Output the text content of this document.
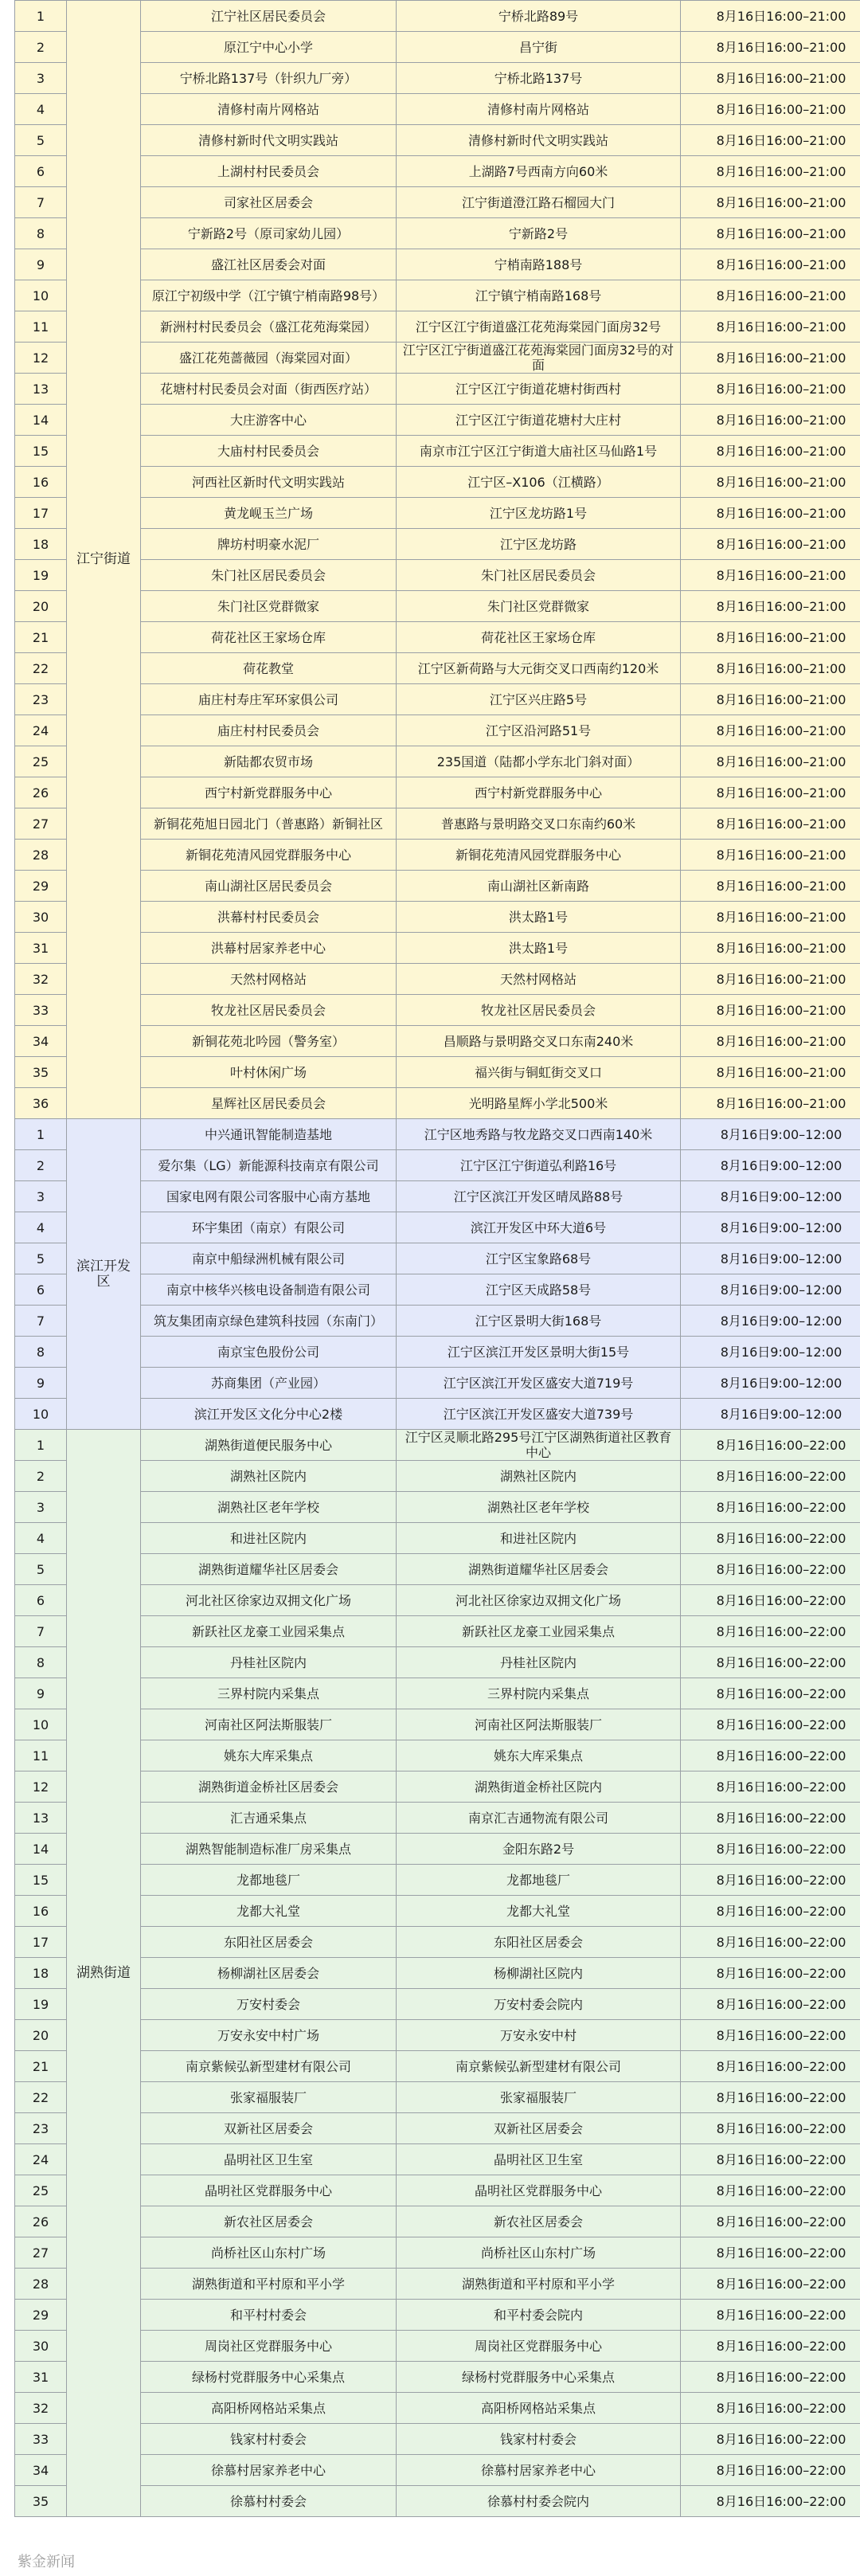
1	江宁街道	江宁社区居民委员会	宁桥北路89号	8月16日16:00–21:00
2		原江宁中心小学	昌宁街	8月16日16:00–21:00
3		宁桥北路137号（针织九厂旁）	宁桥北路137号	8月16日16:00–21:00
4		清修村南片网格站	清修村南片网格站	8月16日16:00–21:00
5		清修村新时代文明实践站	清修村新时代文明实践站	8月16日16:00–21:00
6		上湖村村民委员会	上湖路7号西南方向60米	8月16日16:00–21:00
7		司家社区居委会	江宁街道澄江路石榴园大门	8月16日16:00–21:00
8		宁新路2号（原司家幼儿园）	宁新路2号	8月16日16:00–21:00
9		盛江社区居委会对面	宁梢南路188号	8月16日16:00–21:00
10		原江宁初级中学（江宁镇宁梢南路98号）	江宁镇宁梢南路168号	8月16日16:00–21:00
11		新洲村村民委员会（盛江花苑海棠园）	江宁区江宁街道盛江花苑海棠园门面房32号	8月16日16:00–21:00
12		盛江花苑蔷薇园（海棠园对面）	江宁区江宁街道盛江花苑海棠园门面房32号的对面	8月16日16:00–21:00
13		花塘村村民委员会对面（街西医疗站）	江宁区江宁街道花塘村街西村	8月16日16:00–21:00
14		大庄游客中心	江宁区江宁街道花塘村大庄村	8月16日16:00–21:00
15		大庙村村民委员会	南京市江宁区江宁街道大庙社区马仙路1号	8月16日16:00–21:00
16		河西社区新时代文明实践站	江宁区–X106（江横路）	8月16日16:00–21:00
17		黄龙岘玉兰广场	江宁区龙坊路1号	8月16日16:00–21:00
18		牌坊村明豪水泥厂	江宁区龙坊路	8月16日16:00–21:00
19		朱门社区居民委员会	朱门社区居民委员会	8月16日16:00–21:00
20		朱门社区党群微家	朱门社区党群微家	8月16日16:00–21:00
21		荷花社区王家场仓库	荷花社区王家场仓库	8月16日16:00–21:00
22		荷花教堂	江宁区新荷路与大元街交叉口西南约120米	8月16日16:00–21:00
23		庙庄村寿庄军环家俱公司	江宁区兴庄路5号	8月16日16:00–21:00
24		庙庄村村民委员会	江宁区沿河路51号	8月16日16:00–21:00
25		新陆都农贸市场	235国道（陆都小学东北门斜对面）	8月16日16:00–21:00
26		西宁村新党群服务中心	西宁村新党群服务中心	8月16日16:00–21:00
27		新铜花苑旭日园北门（普惠路）新铜社区	普惠路与景明路交叉口东南约60米	8月16日16:00–21:00
28		新铜花苑清风园党群服务中心	新铜花苑清风园党群服务中心	8月16日16:00–21:00
29		南山湖社区居民委员会	南山湖社区新南路	8月16日16:00–21:00
30		洪幕村村民委员会	洪太路1号	8月16日16:00–21:00
31		洪幕村居家养老中心	洪太路1号	8月16日16:00–21:00
32		天然村网格站	天然村网格站	8月16日16:00–21:00
33		牧龙社区居民委员会	牧龙社区居民委员会	8月16日16:00–21:00
34		新铜花苑北吟园（警务室）	昌顺路与景明路交叉口东南240米	8月16日16:00–21:00
35		叶村休闲广场	福兴街与铜虹街交叉口	8月16日16:00–21:00
36		星辉社区居民委员会	光明路星辉小学北500米	8月16日16:00–21:00
1	滨江开发区	中兴通讯智能制造基地	江宁区地秀路与牧龙路交叉口西南140米	8月16日9:00–12:00
2		爱尔集（LG）新能源科技南京有限公司	江宁区江宁街道弘利路16号	8月16日9:00–12:00
3		国家电网有限公司客服中心南方基地	江宁区滨江开发区晴凤路88号	8月16日9:00–12:00
4		环宇集团（南京）有限公司	滨江开发区中环大道6号	8月16日9:00–12:00
5		南京中船绿洲机械有限公司	江宁区宝象路68号	8月16日9:00–12:00
6		南京中核华兴核电设备制造有限公司	江宁区天成路58号	8月16日9:00–12:00
7		筑友集团南京绿色建筑科技园（东南门）	江宁区景明大街168号	8月16日9:00–12:00
8		南京宝色股份公司	江宁区滨江开发区景明大街15号	8月16日9:00–12:00
9		苏商集团（产业园）	江宁区滨江开发区盛安大道719号	8月16日9:00–12:00
10		滨江开发区文化分中心2楼	江宁区滨江开发区盛安大道739号	8月16日9:00–12:00
1	湖熟街道	湖熟街道便民服务中心	江宁区灵顺北路295号江宁区湖熟街道社区教育中心	8月16日16:00–22:00
2		湖熟社区院内	湖熟社区院内	8月16日16:00–22:00
3		湖熟社区老年学校	湖熟社区老年学校	8月16日16:00–22:00
4		和进社区院内	和进社区院内	8月16日16:00–22:00
5		湖熟街道耀华社区居委会	湖熟街道耀华社区居委会	8月16日16:00–22:00
6		河北社区徐家边双拥文化广场	河北社区徐家边双拥文化广场	8月16日16:00–22:00
7		新跃社区龙豪工业园采集点	新跃社区龙豪工业园采集点	8月16日16:00–22:00
8		丹桂社区院内	丹桂社区院内	8月16日16:00–22:00
9		三界村院内采集点	三界村院内采集点	8月16日16:00–22:00
10		河南社区阿法斯服装厂	河南社区阿法斯服装厂	8月16日16:00–22:00
11		姚东大库采集点	姚东大库采集点	8月16日16:00–22:00
12		湖熟街道金桥社区居委会	湖熟街道金桥社区院内	8月16日16:00–22:00
13		汇吉通采集点	南京汇吉通物流有限公司	8月16日16:00–22:00
14		湖熟智能制造标准厂房采集点	金阳东路2号	8月16日16:00–22:00
15		龙都地毯厂	龙都地毯厂	8月16日16:00–22:00
16		龙都大礼堂	龙都大礼堂	8月16日16:00–22:00
17		东阳社区居委会	东阳社区居委会	8月16日16:00–22:00
18		杨柳湖社区居委会	杨柳湖社区院内	8月16日16:00–22:00
19		万安村委会	万安村委会院内	8月16日16:00–22:00
20		万安永安中村广场	万安永安中村	8月16日16:00–22:00
21		南京紫候弘新型建材有限公司	南京紫候弘新型建材有限公司	8月16日16:00–22:00
22		张家福服装厂	张家福服装厂	8月16日16:00–22:00
23		双新社区居委会	双新社区居委会	8月16日16:00–22:00
24		晶明社区卫生室	晶明社区卫生室	8月16日16:00–22:00
25		晶明社区党群服务中心	晶明社区党群服务中心	8月16日16:00–22:00
26		新农社区居委会	新农社区居委会	8月16日16:00–22:00
27		尚桥社区山东村广场	尚桥社区山东村广场	8月16日16:00–22:00
28		湖熟街道和平村原和平小学	湖熟街道和平村原和平小学	8月16日16:00–22:00
29		和平村村委会	和平村委会院内	8月16日16:00–22:00
30		周岗社区党群服务中心	周岗社区党群服务中心	8月16日16:00–22:00
31		绿杨村党群服务中心采集点	绿杨村党群服务中心采集点	8月16日16:00–22:00
32		高阳桥网格站采集点	高阳桥网格站采集点	8月16日16:00–22:00
33		钱家村村委会	钱家村村委会	8月16日16:00–22:00
34		徐慕村居家养老中心	徐慕村居家养老中心	8月16日16:00–22:00
35		徐慕村村委会	徐慕村村委会院内	8月16日16:00–22:00
紫金新闻
